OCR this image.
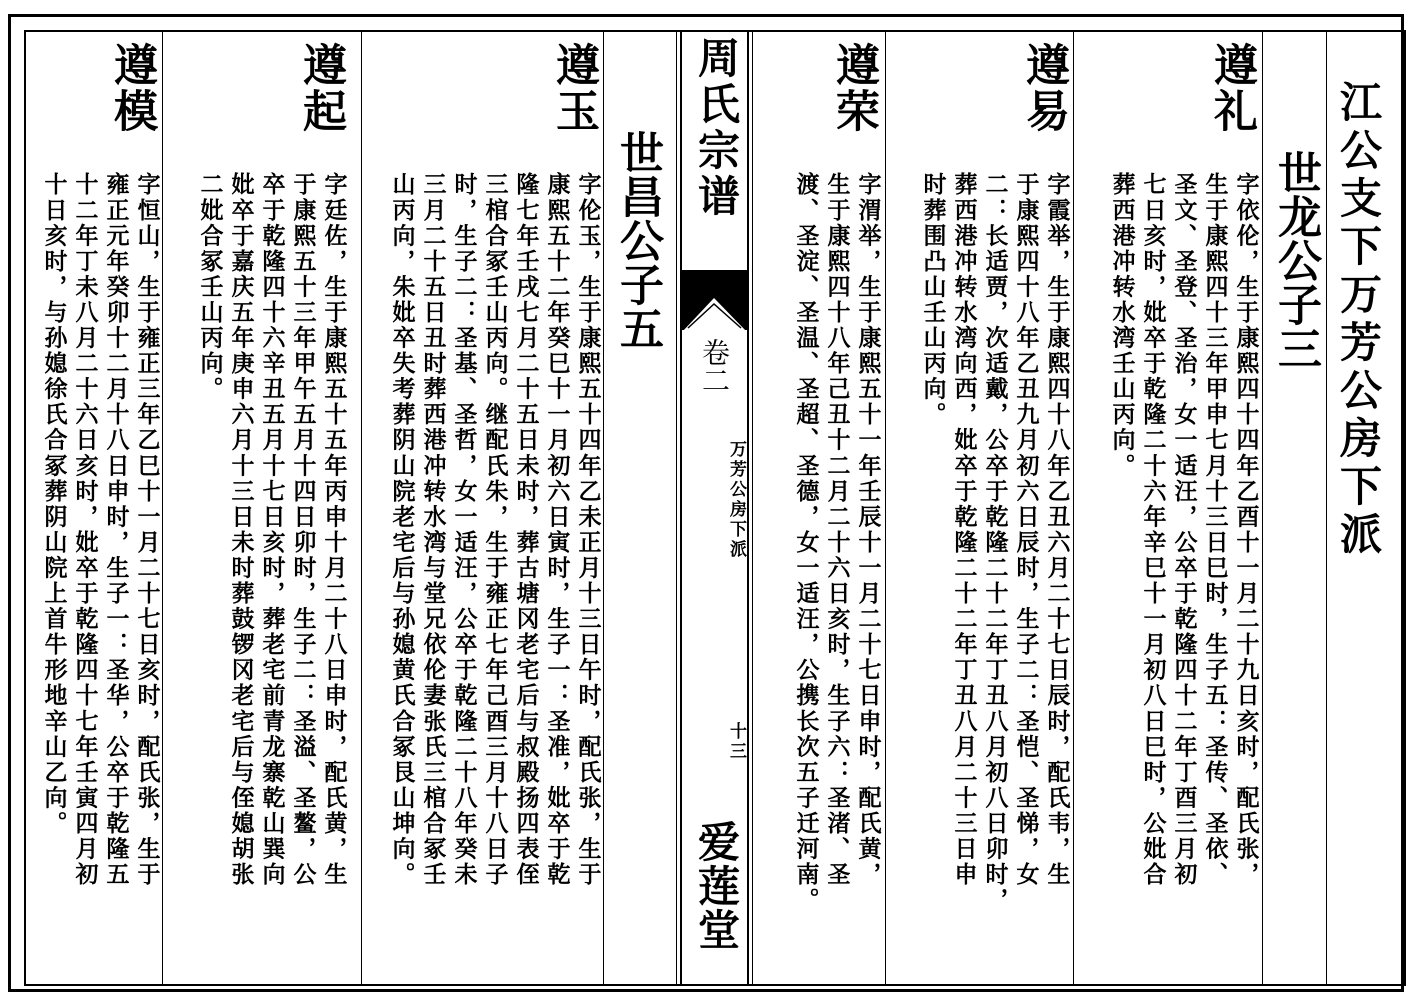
江公支下万芳公房下派
世龙公子三
遵礼
字依伦，生于康熙四十四年乙酉十一月二十九日亥时，配氏张，
生于康熙四十三年甲申七月十三日巳时，生子五：圣传、圣依、
圣文、圣登、圣治，女一适汪，公卒于乾隆四十二年丁酉三月初
七日亥时，妣卒于乾隆二十六年辛巳十一月初八日巳时，公妣合
葬西港冲转水湾壬山丙向。
遵易
字霞举，生于康熙四十八年乙丑六月二十七日辰时，配氏韦，生
于康熙四十八年乙丑九月初六日辰时，生子二：圣恺、圣悌，女
二：长适贾，次适戴，公卒于乾隆二十二年丁丑八月初八日卯时，
葬西港冲转水湾向西，妣卒于乾隆二十二年丁丑八月二十三日申
时葬围凸山壬山丙向。
遵荣
字渭举，生于康熙五十一年壬辰十一月二十七日申时，配氏黄，
生于康熙四十八年己丑十二月二十六日亥时，生子六：圣渚、圣
渡、圣淀、圣温、圣超、圣德，女一适汪，公携长次五子迁河南。
周氏宗谱
卷二
万芳公房下派
十三
爱莲堂
世昌公子五
遵玉
字伦玉，生于康熙五十四年乙未正月十三日午时，配氏张，生于
康熙五十二年癸巳十一月初六日寅时，生子一：圣准，妣卒于乾
隆七年壬戌七月二十五日未时，葬古塘冈老宅后与叔殿扬四表侄
三棺合冢壬山丙向。继配氏朱，生于雍正七年己酉三月十八日子
时，生子二：圣基、圣哲，女一适汪，公卒于乾隆二十八年癸未
三月二十五日丑时葬西港冲转水湾与堂兄依伦妻张氏三棺合冢壬
山丙向，朱妣卒失考葬阴山院老宅后与孙媳黄氏合冢艮山坤向。
遵起
字廷佐，生于康熙五十五年丙申十月二十八日申时，配氏黄，生
于康熙五十三年甲午五月十四日卯时，生子二：圣溢、圣鳌，公
卒于乾隆四十六辛丑五月十七日亥时，葬老宅前青龙寨乾山巽向
妣卒于嘉庆五年庚申六月十三日未时葬鼓锣冈老宅后与侄媳胡张
二妣合冢壬山丙向。
遵模
字恒山，生于雍正三年乙巳十一月二十七日亥时，配氏张，生于
雍正元年癸卯十二月十八日申时，生子一：圣华，公卒于乾隆五
十二年丁未八月二十六日亥时，妣卒于乾隆四十七年壬寅四月初
十日亥时，与孙媳徐氏合冢葬阴山院上首牛形地辛山乙向。
